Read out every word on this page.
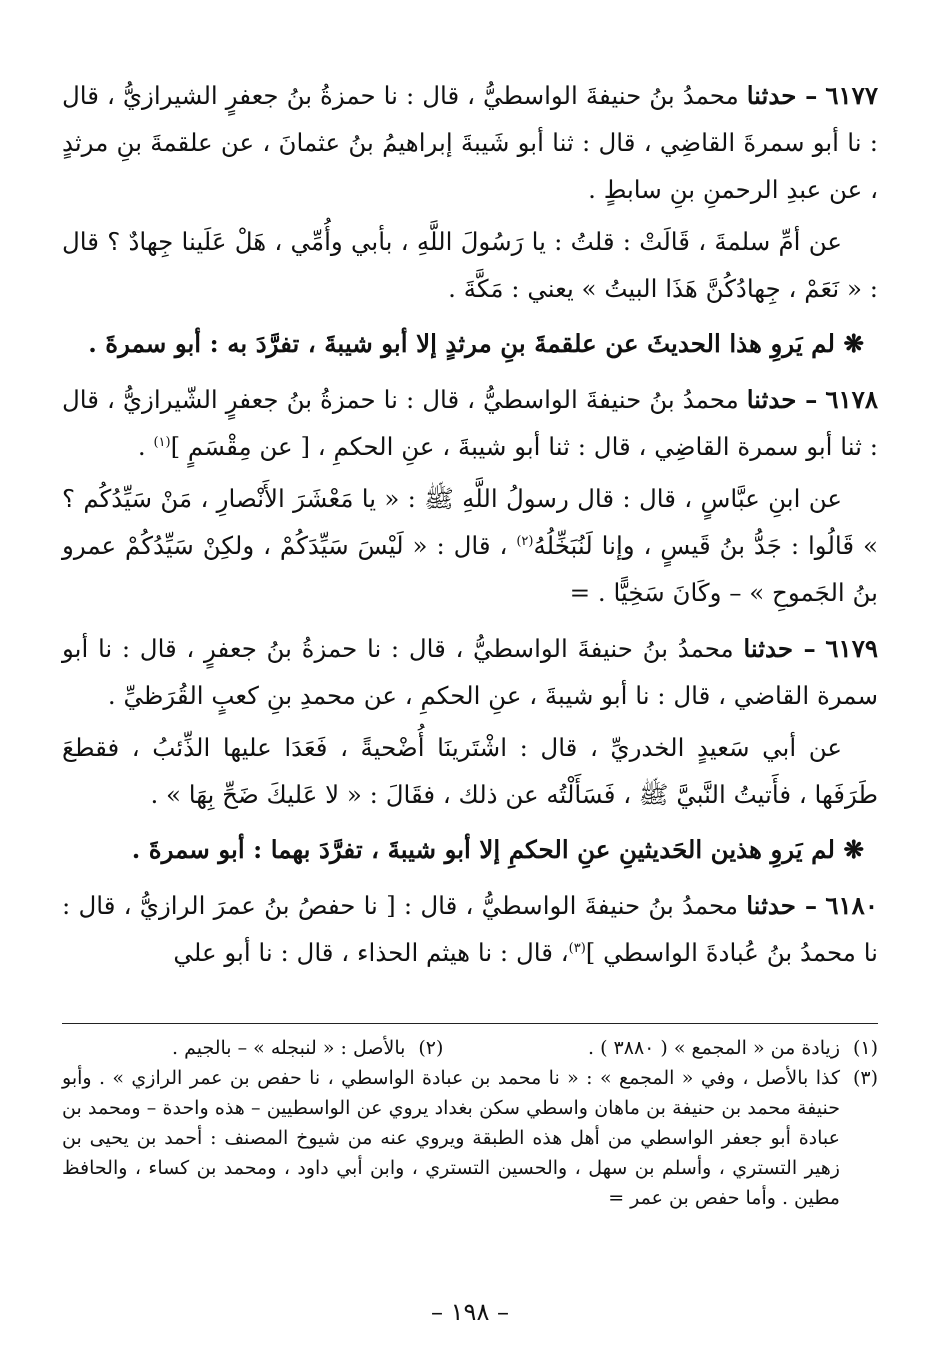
٦١٧٧ – حدثنا محمدُ بنُ حنيفةَ الواسطيُّ ، قال : نا حمزةُ بنُ جعفرٍ الشيرازيُّ ، قال : نا أبو سمرةَ القاضِي ، قال : ثنا أبو شَيبةَ إبراهيمُ بنُ عثمانَ ، عن علقمةَ بنِ مرثدٍ ، عن عبدِ الرحمنِ بنِ سابطٍ .

عن أمِّ سلمةَ ، قَالَتْ : قلتُ : يا رَسُولَ اللَّهِ ، بأبي وأُمِّي ، هَلْ عَلَينا جِهادٌ ؟ قال : « نَعَمْ ، جِهادُكُنَّ هَذَا البيتُ » يعني : مَكَّةَ .

❋ لم يَروِ هذا الحديثَ عن علقمةَ بنِ مرثدٍ إلا أبو شيبةَ ، تفرَّدَ به : أبو سمرةَ .

٦١٧٨ – حدثنا محمدُ بنُ حنيفةَ الواسطيُّ ، قال : نا حمزةُ بنُ جعفرٍ الشّيرازيُّ ، قال : ثنا أبو سمرة القاضِي ، قال : ثنا أبو شيبةَ ، عنِ الحكمِ ، [ عن مِقْسَمٍ ]$^{(١)}$ .

عن ابنِ عبَّاسٍ ، قال : قال رسولُ اللَّهِ ﷺ : « يا مَعْشَرَ الأَنْصارِ ، مَنْ سَيِّدُكُم ؟ » قَالُوا : جَدُّ بنُ قَيسٍ ، وإنا لَنُبَخِّلُهُ$^{(٢)}$ ، قال : « لَيْسَ سَيِّدَكُمْ ، ولكِنْ سَيِّدُكُمْ عمرو بنُ الجَموحِ » – وكَانَ سَخِيًّا . =

٦١٧٩ – حدثنا محمدُ بنُ حنيفةَ الواسطيُّ ، قال : نا حمزةُ بنُ جعفرٍ ، قال : نا أبو سمرة القاضي ، قال : نا أبو شيبةَ ، عنِ الحكمِ ، عن محمدِ بنِ كعبٍ القُرَظيِّ .

عن أبي سَعيدٍ الخدريِّ ، قال : اشْتَرينَا أُضْحيةً ، فَعَدَا عليها الذِّئبُ ، فقطعَ طَرَفَها ، فأَتيتُ النَّبيَّ ﷺ ، فَسَأَلْتُه عن ذلك ، فقَالَ : « لا عَليكَ ضَحِّ بِهَا » .

❋ لم يَروِ هذين الحَديثينِ عنِ الحكمِ إلا أبو شيبةَ ، تفرَّدَ بهما : أبو سمرةَ .

٦١٨٠ – حدثنا محمدُ بنُ حنيفةَ الواسطيُّ ، قال : [ نا حفصُ بنُ عمرَ الرازيُّ ، قال : نا محمدُ بنُ عُبادةَ الواسطي ]$^{(٣)}$، قال : نا هيثم الحذاء ، قال : نا أبو علي

(١)
زيادة من « المجمع » ( ٣٨٨٠ ) .
(٢)
بالأصل : « لنبجله » – بالجيم .
(٣)
كذا بالأصل ، وفي « المجمع » : « نا محمد بن عبادة الواسطي ، نا حفص بن عمر الرازي » . وأبو حنيفة محمد بن حنيفة بن ماهان واسطي سكن بغداد يروي عن الواسطيين – هذه واحدة – ومحمد بن عبادة أبو جعفر الواسطي من أهل هذه الطبقة ويروي عنه من شيوخ المصنف : أحمد بن يحيى بن زهير التستري ، وأسلم بن سهل ، والحسين التستري ، وابن أبي داود ، ومحمد بن كساء ، والحافظ مطين . وأما حفص بن عمر =
– ١٩٨ –
